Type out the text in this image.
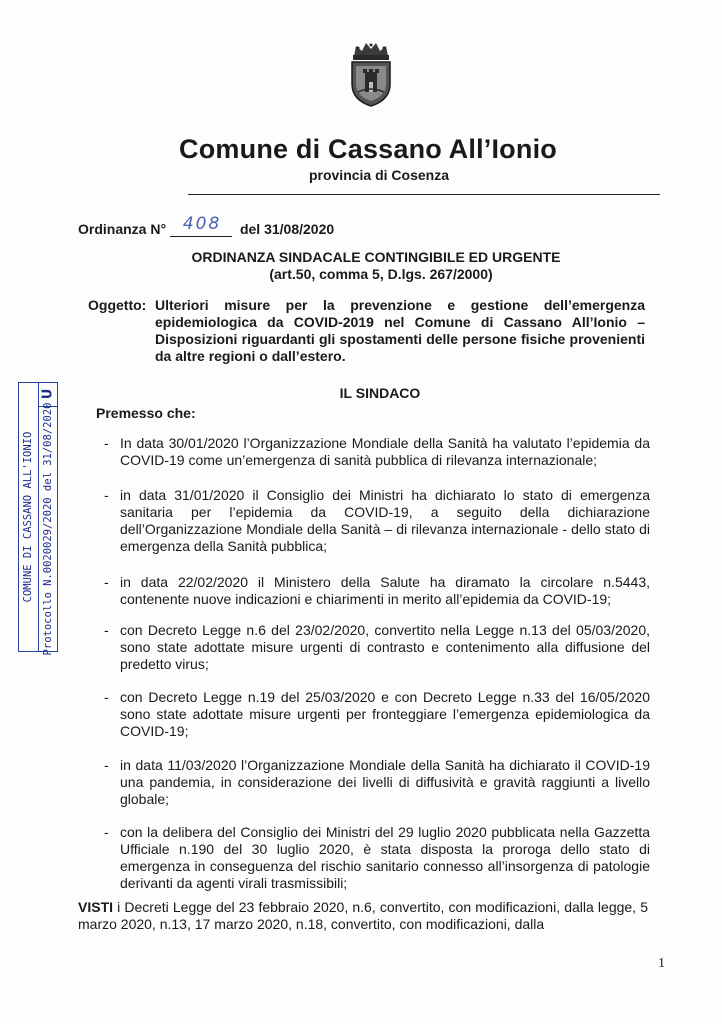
Comune di Cassano All’Ionio
provincia di Cosenza
Ordinanza N° 408	del 31/08/2020
ORDINANZA SINDACALE CONTINGIBILE ED URGENTE
(art.50, comma 5, D.lgs. 267/2000)
Oggetto: Ulteriori misure per la prevenzione e gestione dell’emergenza epidemiologica da COVID-2019 nel Comune di Cassano All’Ionio – Disposizioni riguardanti gli spostamenti delle persone fisiche provenienti da altre regioni o dall’estero.
IL SINDACO
Premesso che:
- In data 30/01/2020 l’Organizzazione Mondiale della Sanità ha valutato l’epidemia da COVID-19 come un’emergenza di sanità pubblica di rilevanza internazionale;
- in data 31/01/2020 il Consiglio dei Ministri ha dichiarato lo stato di emergenza sanitaria per l’epidemia da COVID-19, a seguito della dichiarazione dell’Organizzazione Mondiale della Sanità – di rilevanza internazionale - dello stato di emergenza della Sanità pubblica;
- in data 22/02/2020 il Ministero della Salute ha diramato la circolare n.5443, contenente nuove indicazioni e chiarimenti in merito all’epidemia da COVID-19;
- con Decreto Legge n.6 del 23/02/2020, convertito nella Legge n.13 del 05/03/2020, sono state adottate misure urgenti di contrasto e contenimento alla diffusione del predetto virus;
- con Decreto Legge n.19 del 25/03/2020 e con Decreto Legge n.33 del 16/05/2020 sono state adottate misure urgenti per fronteggiare l’emergenza epidemiologica da COVID-19;
- in data 11/03/2020 l’Organizzazione Mondiale della Sanità ha dichiarato il COVID-19 una pandemia, in considerazione dei livelli di diffusività e gravità raggiunti a livello globale;
- con la delibera del Consiglio dei Ministri del 29 luglio 2020 pubblicata nella Gazzetta Ufficiale n.190 del 30 luglio 2020, è stata disposta la proroga dello stato di emergenza in conseguenza del rischio sanitario connesso all’insorgenza di patologie derivanti da agenti virali trasmissibili;
VISTI i Decreti Legge del 23 febbraio 2020, n.6, convertito, con modificazioni, dalla legge, 5 marzo 2020, n.13, 17 marzo 2020, n.18, convertito, con modificazioni, dalla
1
COMUNE DI CASSANO ALL'IONIO Protocollo N.0020029/2020 del 31/08/2020
U
